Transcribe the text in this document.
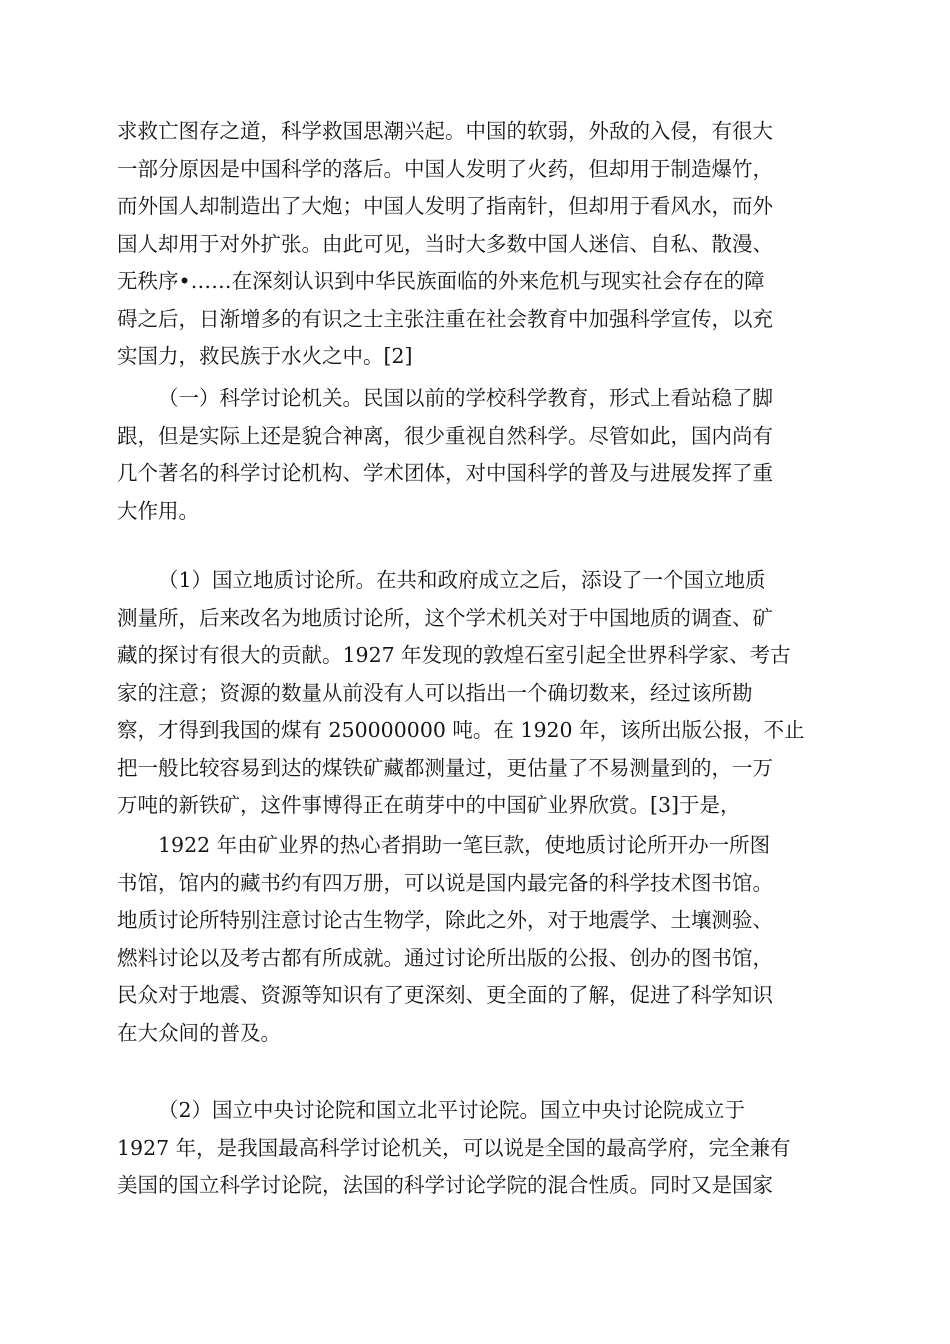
求救亡图存之道，科学救国思潮兴起。中国的软弱，外敌的入侵，有很大
一部分原因是中国科学的落后。中国人发明了火药，但却用于制造爆竹，
而外国人却制造出了大炮；中国人发明了指南针，但却用于看风水，而外
国人却用于对外扩张。由此可见，当时大多数中国人迷信、自私、散漫、
无秩序•……在深刻认识到中华民族面临的外来危机与现实社会存在的障
碍之后，日渐增多的有识之士主张注重在社会教育中加强科学宣传，以充
实国力，救民族于水火之中。[2]
（一）科学讨论机关。民国以前的学校科学教育，形式上看站稳了脚
跟，但是实际上还是貌合神离，很少重视自然科学。尽管如此，国内尚有
几个著名的科学讨论机构、学术团体，对中国科学的普及与进展发挥了重
大作用。
（1）国立地质讨论所。在共和政府成立之后，添设了一个国立地质
测量所，后来改名为地质讨论所，这个学术机关对于中国地质的调查、矿
藏的探讨有很大的贡献。1927 年发现的敦煌石室引起全世界科学家、考古
家的注意；资源的数量从前没有人可以指出一个确切数来，经过该所勘
察，才得到我国的煤有 250000000 吨。在 1920 年，该所出版公报，不止
把一般比较容易到达的煤铁矿藏都测量过，更估量了不易测量到的，一万
万吨的新铁矿，这件事博得正在萌芽中的中国矿业界欣赏。[3]于是，
1922 年由矿业界的热心者捐助一笔巨款，使地质讨论所开办一所图
书馆，馆内的藏书约有四万册，可以说是国内最完备的科学技术图书馆。
地质讨论所特别注意讨论古生物学，除此之外，对于地震学、土壤测验、
燃料讨论以及考古都有所成就。通过讨论所出版的公报、创办的图书馆，
民众对于地震、资源等知识有了更深刻、更全面的了解，促进了科学知识
在大众间的普及。
（2）国立中央讨论院和国立北平讨论院。国立中央讨论院成立于
1927 年，是我国最高科学讨论机关，可以说是全国的最高学府，完全兼有
美国的国立科学讨论院，法国的科学讨论学院的混合性质。同时又是国家
